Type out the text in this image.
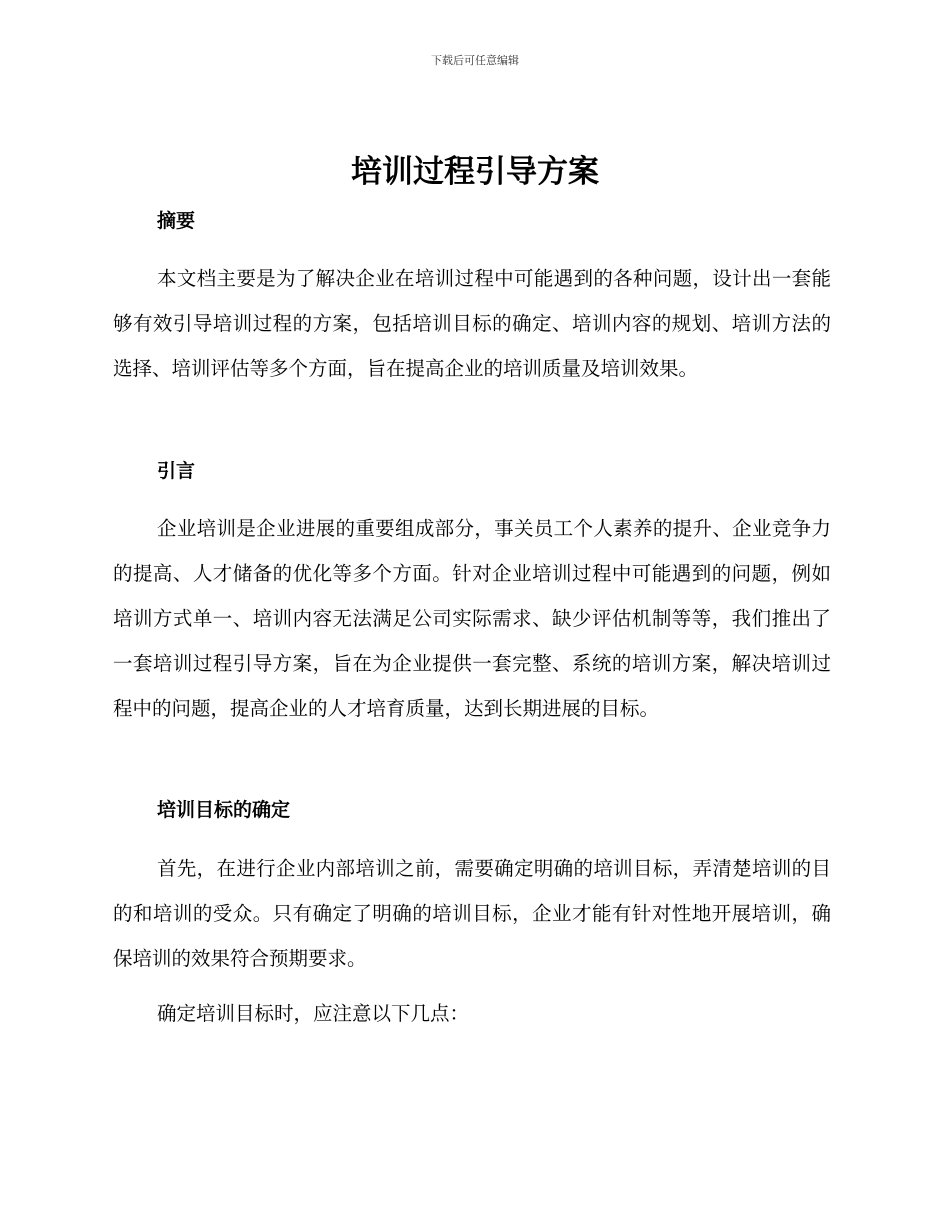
下载后可任意编辑
培训过程引导方案
摘要

本文档主要是为了解决企业在培训过程中可能遇到的各种问题，设计出一套能够有效引导培训过程的方案，包括培训目标的确定、培训内容的规划、培训方法的选择、培训评估等多个方面，旨在提高企业的培训质量及培训效果。

引言

企业培训是企业进展的重要组成部分，事关员工个人素养的提升、企业竞争力的提高、人才储备的优化等多个方面。针对企业培训过程中可能遇到的问题，例如培训方式单一、培训内容无法满足公司实际需求、缺少评估机制等等，我们推出了一套培训过程引导方案，旨在为企业提供一套完整、系统的培训方案，解决培训过程中的问题，提高企业的人才培育质量，达到长期进展的目标。

培训目标的确定

首先，在进行企业内部培训之前，需要确定明确的培训目标，弄清楚培训的目的和培训的受众。只有确定了明确的培训目标，企业才能有针对性地开展培训，确保培训的效果符合预期要求。

确定培训目标时，应注意以下几点：
